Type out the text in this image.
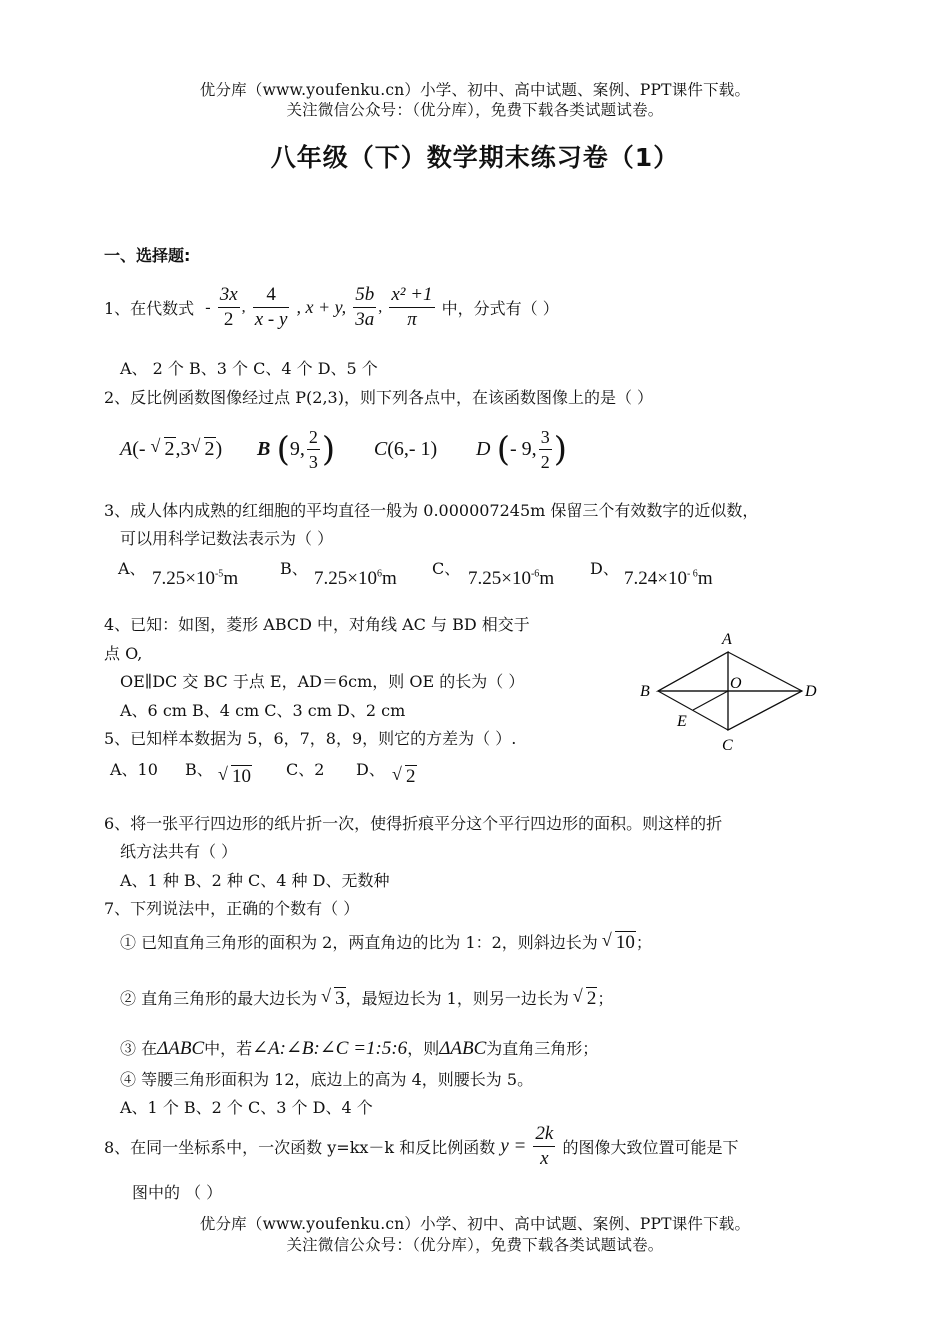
优分库（www.youfenku.cn）小学、初中、高中试题、案例、PPT课件下载。
关注微信公众号：（优分库），免费下载各类试题试卷。
八年级（下）数学期末练习卷（1）
一、选择题:
1、在代数式 - $\frac{3x}{2}$ , $\frac{4}{x - y}$ , x + y, $\frac{5b}{3a}$ , $\frac{\text{x² +1}}{\pi}$ 中，分式有（ ）
A、 2 个 B、3 个 C、4 个 D、5 个
2、反比例函数图像经过点 P(2,3)，则下列各点中，在该函数图像上的是（ ）
A(- √ 2,3 √ 2) B (9, $\frac{2}{3}$ ) C(6,- 1) D (- 9, $\frac{3}{2}$ )
3、成人体内成熟的红细胞的平均直径一般为 0.000007245m 保留三个有效数字的近似数，
可以用科学记数法表示为（ ）
A、 $7.25\times 10^{-5}m$	B、 $7.25\times 10^6m$ C、 $7.25\times 10^{-6}m$ D、 $7.24\times 10^{- 6}m$
4、已知：如图，菱形 ABCD 中，对角线 AC 与 BD 相交于
点 O,
OE∥DC 交 BC 于点 E，AD＝6cm，则 OE 的长为（ ）
A、6 cm B、4 cm C、3 cm D、2 cm
A
B
C
D
O
E
5、已知样本数据为 5，6，7，8，9，则它的方差为（ ）.
A、10 B、	√ 10 C、2 D、	√ 2
6、将一张平行四边形的纸片折一次，使得折痕平分这个平行四边形的面积。则这样的折
纸方法共有（ ）
A、1 种 B、2 种 C、4 种 D、无数种
7、下列说法中，正确的个数有（ ）
① 已知直角三角形的面积为 2，两直角边的比为 1：2，则斜边长为 √ 10；
② 直角三角形的最大边长为 √ 3，最短边长为 1，则另一边长为 √ 2；
③ 在ΔABC中，若∠A:∠B:∠C =1:5:6，则ΔABC为直角三角形；
④ 等腰三角形面积为 12，底边上的高为 4，则腰长为 5。
A、1 个 B、2 个 C、3 个 D、4 个
8、在同一坐标系中，一次函数 y=kx－k 和反比例函数 $y = \frac{2k}{x}$ 的图像大致位置可能是下
图中的 （ ）
优分库（www.youfenku.cn）小学、初中、高中试题、案例、PPT课件下载。
关注微信公众号：（优分库），免费下载各类试题试卷。
